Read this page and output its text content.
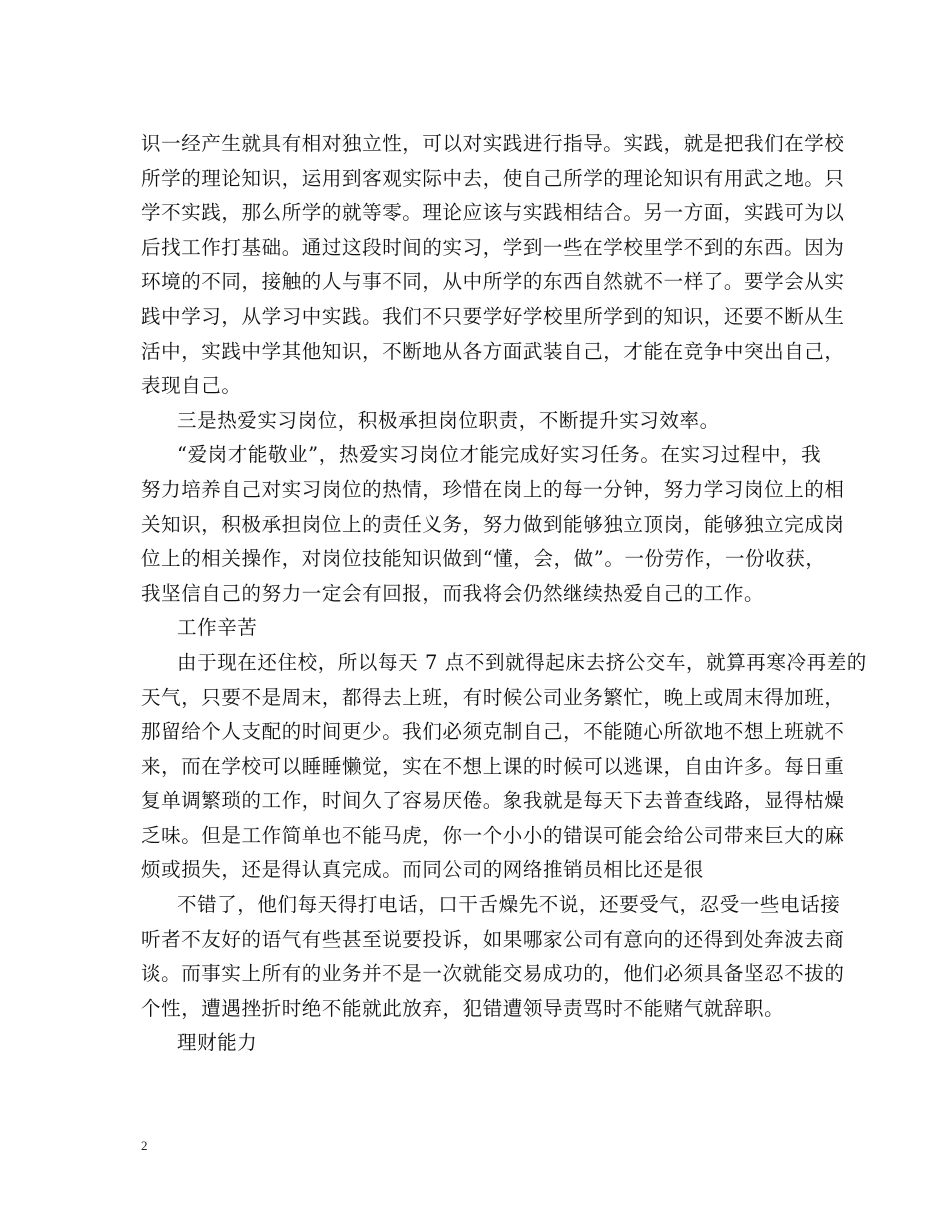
识一经产生就具有相对独立性，可以对实践进行指导。实践，就是把我们在学校
所学的理论知识，运用到客观实际中去，使自己所学的理论知识有用武之地。只
学不实践，那么所学的就等零。理论应该与实践相结合。另一方面，实践可为以
后找工作打基础。通过这段时间的实习，学到一些在学校里学不到的东西。因为
环境的不同，接触的人与事不同，从中所学的东西自然就不一样了。要学会从实
践中学习，从学习中实践。我们不只要学好学校里所学到的知识，还要不断从生
活中，实践中学其他知识，不断地从各方面武装自己，才能在竞争中突出自己，
表现自己。
三是热爱实习岗位，积极承担岗位职责，不断提升实习效率。
“爱岗才能敬业”，热爱实习岗位才能完成好实习任务。在实习过程中，我
努力培养自己对实习岗位的热情，珍惜在岗上的每一分钟，努力学习岗位上的相
关知识，积极承担岗位上的责任义务，努力做到能够独立顶岗，能够独立完成岗
位上的相关操作，对岗位技能知识做到“懂，会，做”。一份劳作，一份收获，
我坚信自己的努力一定会有回报，而我将会仍然继续热爱自己的工作。
工作辛苦
由于现在还住校，所以每天 7 点不到就得起床去挤公交车，就算再寒冷再差的
天气，只要不是周末，都得去上班，有时候公司业务繁忙，晚上或周末得加班，
那留给个人支配的时间更少。我们必须克制自己，不能随心所欲地不想上班就不
来，而在学校可以睡睡懒觉，实在不想上课的时候可以逃课，自由许多。每日重
复单调繁琐的工作，时间久了容易厌倦。象我就是每天下去普查线路，显得枯燥
乏味。但是工作简单也不能马虎，你一个小小的错误可能会给公司带来巨大的麻
烦或损失，还是得认真完成。而同公司的网络推销员相比还是很
不错了，他们每天得打电话，口干舌燥先不说，还要受气，忍受一些电话接
听者不友好的语气有些甚至说要投诉，如果哪家公司有意向的还得到处奔波去商
谈。而事实上所有的业务并不是一次就能交易成功的，他们必须具备坚忍不拔的
个性，遭遇挫折时绝不能就此放弃，犯错遭领导责骂时不能赌气就辞职。
理财能力
2
